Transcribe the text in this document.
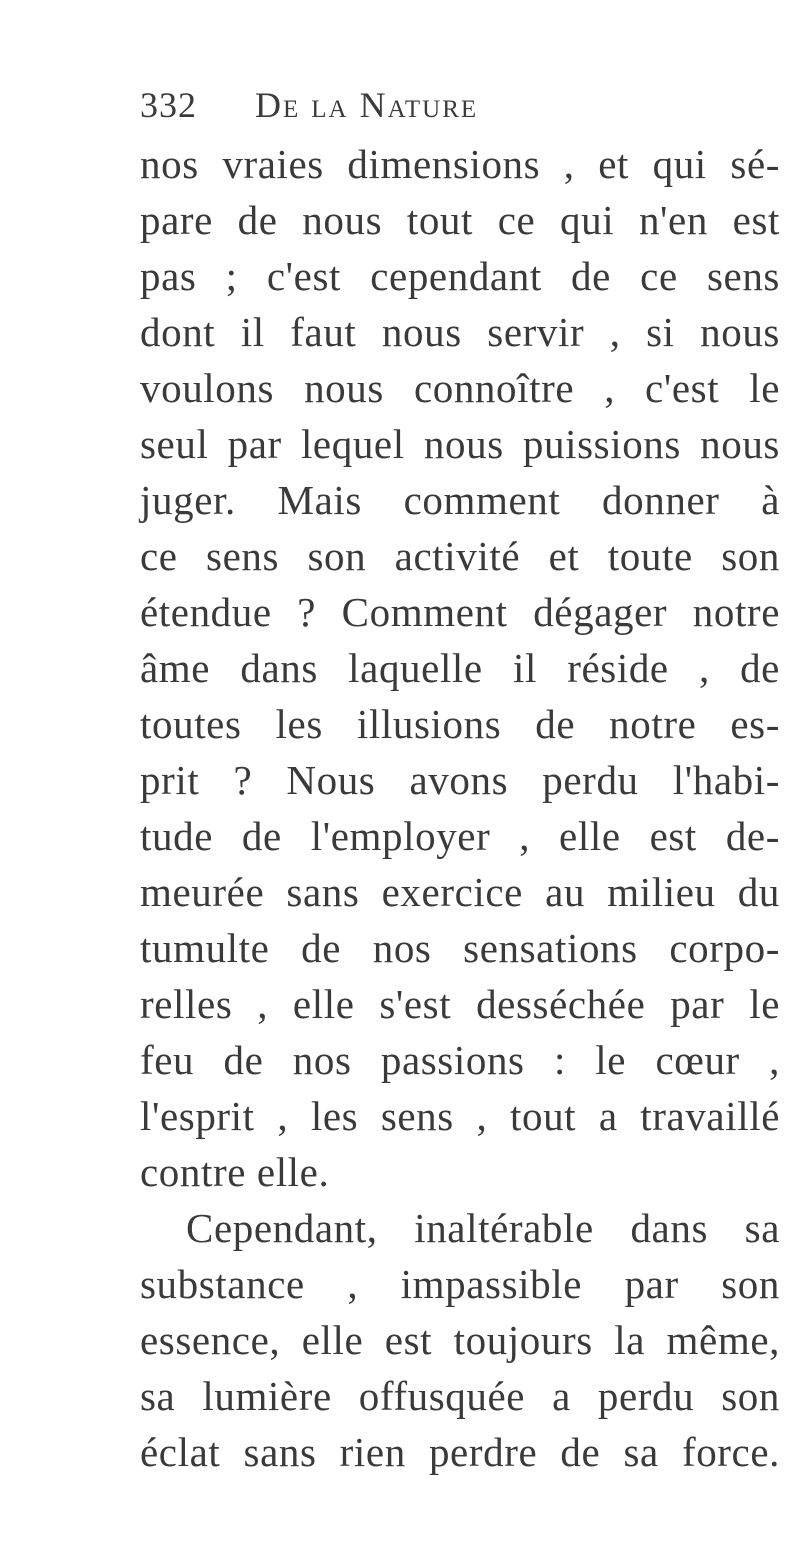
332 De la Nature
nos vraies dimensions , et qui sé-
pare de nous tout ce qui n'en est
pas ; c'est cependant de ce sens
dont il faut nous servir , si nous
voulons nous connoître , c'est le
seul par lequel nous puissions nous
juger. Mais comment donner à
ce sens son activité et toute son
étendue ? Comment dégager notre
âme dans laquelle il réside , de
toutes les illusions de notre es-
prit ? Nous avons perdu l'habi-
tude de l'employer , elle est de-
meurée sans exercice au milieu du
tumulte de nos sensations corpo-
relles , elle s'est desséchée par le
feu de nos passions : le cœur ,
l'esprit , les sens , tout a travaillé
contre elle.
Cependant, inaltérable dans sa
substance , impassible par son
essence, elle est toujours la même,
sa lumière offusquée a perdu son
éclat sans rien perdre de sa force.
